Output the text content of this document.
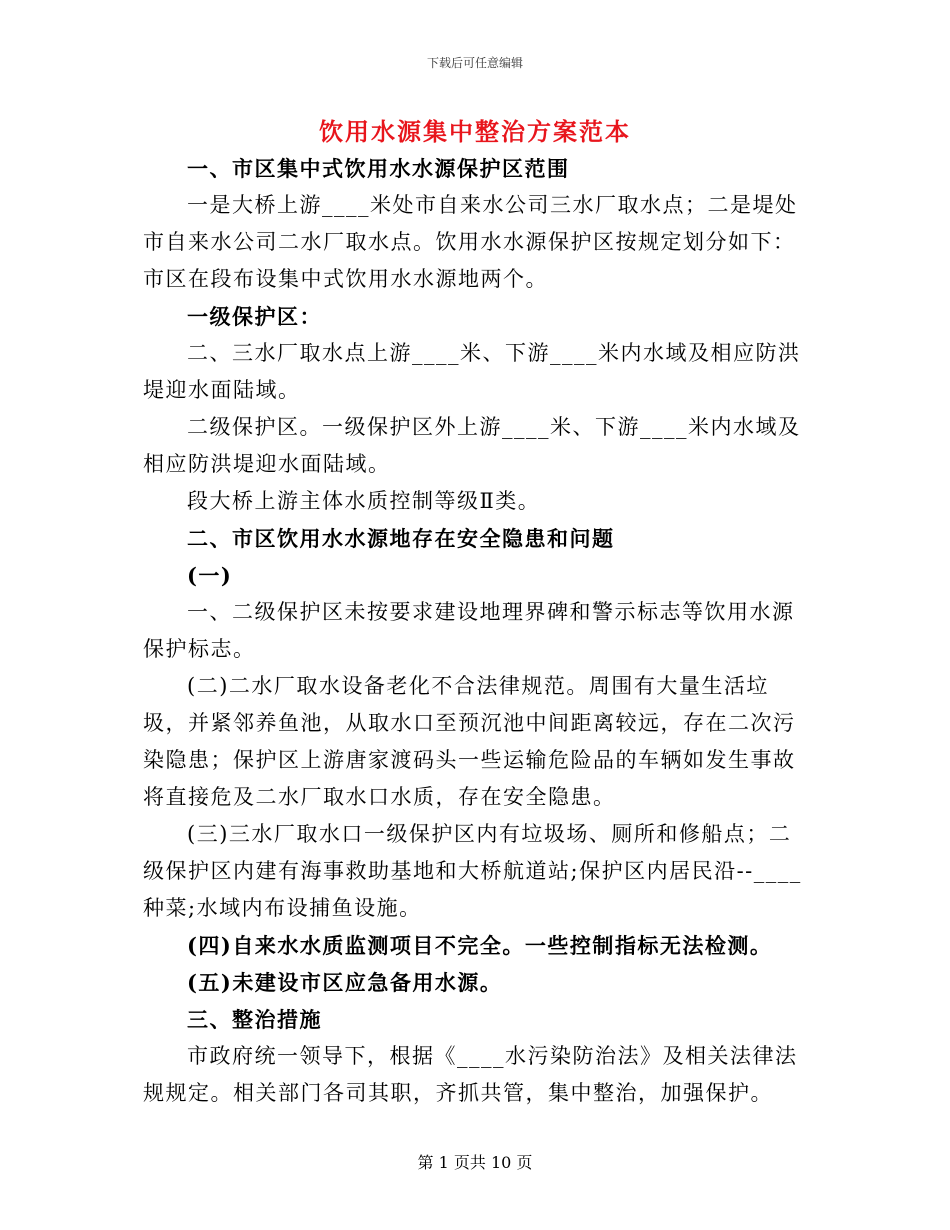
下载后可任意编辑
饮用水源集中整治方案范本

一、市区集中式饮用水水源保护区范围

一是大桥上游____米处市自来水公司三水厂取水点；二是堤处市自来水公司二水厂取水点。饮用水水源保护区按规定划分如下：市区在段布设集中式饮用水水源地两个。

一级保护区：

二、三水厂取水点上游____米、下游____米内水域及相应防洪堤迎水面陆域。

二级保护区。一级保护区外上游____米、下游____米内水域及相应防洪堤迎水面陆域。

段大桥上游主体水质控制等级Ⅱ类。

二、市区饮用水水源地存在安全隐患和问题

(一)

一、二级保护区未按要求建设地理界碑和警示标志等饮用水源保护标志。

(二)二水厂取水设备老化不合法律规范。周围有大量生活垃圾，并紧邻养鱼池，从取水口至预沉池中间距离较远，存在二次污染隐患；保护区上游唐家渡码头一些运输危险品的车辆如发生事故将直接危及二水厂取水口水质，存在安全隐患。

(三)三水厂取水口一级保护区内有垃圾场、厕所和修船点；二级保护区内建有海事救助基地和大桥航道站;保护区内居民沿--____种菜;水域内布设捕鱼设施。

(四)自来水水质监测项目不完全。一些控制指标无法检测。

(五)未建设市区应急备用水源。

三、整治措施

市政府统一领导下，根据《____水污染防治法》及相关法律法规规定。相关部门各司其职，齐抓共管，集中整治，加强保护。

第 1 页共 10 页
